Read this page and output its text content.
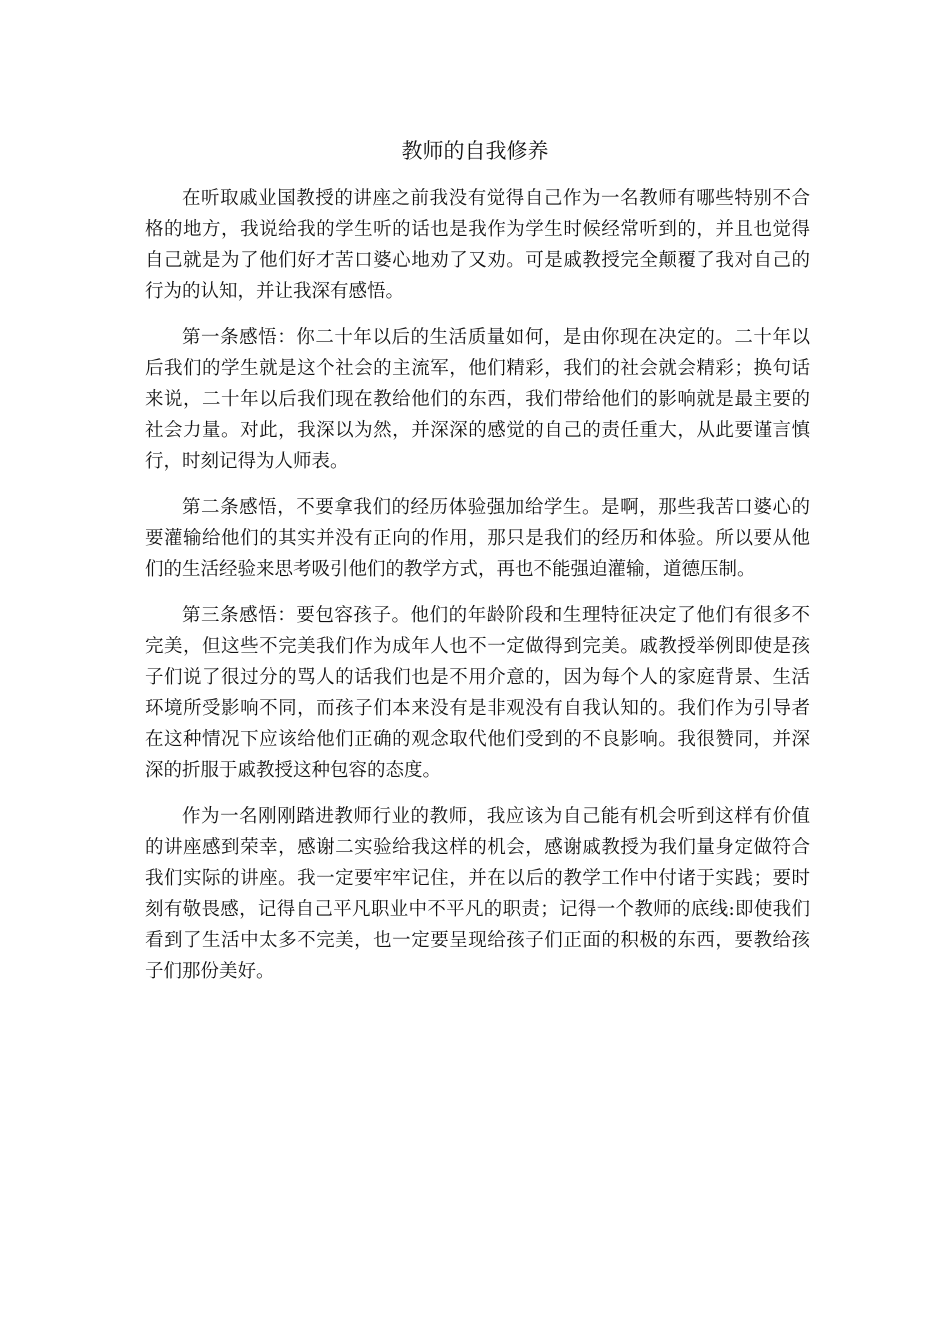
教师的自我修养

在听取戚业国教授的讲座之前我没有觉得自己作为一名教师有哪些特别不合格的地方，我说给我的学生听的话也是我作为学生时候经常听到的，并且也觉得自己就是为了他们好才苦口婆心地劝了又劝。可是戚教授完全颠覆了我对自己的行为的认知，并让我深有感悟。

第一条感悟：你二十年以后的生活质量如何，是由你现在决定的。二十年以后我们的学生就是这个社会的主流军，他们精彩，我们的社会就会精彩；换句话来说，二十年以后我们现在教给他们的东西，我们带给他们的影响就是最主要的社会力量。对此，我深以为然，并深深的感觉的自己的责任重大，从此要谨言慎行，时刻记得为人师表。

第二条感悟，不要拿我们的经历体验强加给学生。是啊，那些我苦口婆心的要灌输给他们的其实并没有正向的作用，那只是我们的经历和体验。所以要从他们的生活经验来思考吸引他们的教学方式，再也不能强迫灌输，道德压制。

第三条感悟：要包容孩子。他们的年龄阶段和生理特征决定了他们有很多不完美，但这些不完美我们作为成年人也不一定做得到完美。戚教授举例即使是孩子们说了很过分的骂人的话我们也是不用介意的，因为每个人的家庭背景、生活环境所受影响不同，而孩子们本来没有是非观没有自我认知的。我们作为引导者在这种情况下应该给他们正确的观念取代他们受到的不良影响。我很赞同，并深深的折服于戚教授这种包容的态度。

作为一名刚刚踏进教师行业的教师，我应该为自己能有机会听到这样有价值的讲座感到荣幸，感谢二实验给我这样的机会，感谢戚教授为我们量身定做符合我们实际的讲座。我一定要牢牢记住，并在以后的教学工作中付诸于实践；要时刻有敬畏感，记得自己平凡职业中不平凡的职责；记得一个教师的底线:即使我们看到了生活中太多不完美，也一定要呈现给孩子们正面的积极的东西，要教给孩子们那份美好。
